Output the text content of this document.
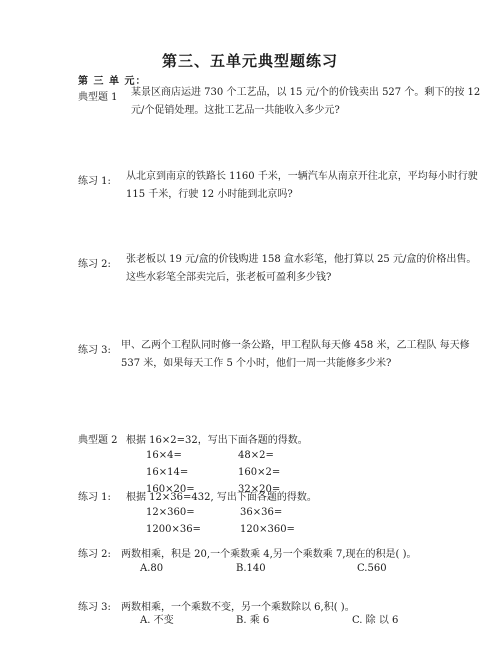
第三、五单元典型题练习
第 三 单 元：
典型题 1 某景区商店运进 730 个工艺品，以 15 元/个的价钱卖出 527 个。剩下的按 12
元/个促销处理。这批工艺品一共能收入多少元?
练习 1: 从北京到南京的铁路长 1160 千米，一辆汽车从南京开往北京，平均每小时行驶
115 千米，行驶 12 小时能到北京吗?
练习 2: 张老板以 19 元/盒的价钱购进 158 盒水彩笔，他打算以 25 元/盒的价格出售。
这些水彩笔全部卖完后，张老板可盈利多少钱?
练习 3: 甲、乙两个工程队同时修一条公路，甲工程队每天修 458 米，乙工程队 每天修
537 米，如果每天工作 5 个小时，他们一周一共能修多少米?
典型题 2 根据 16×2=32，写出下面各题的得数。
16×4=	48×2=
16×14=	160×2=
160×20=	32×20=
练习 1: 根据 12×36=432, 写出下面各题的得数。
12×360=	36×36=
1200×36=	120×360=
练习 2: 两数相乘，积是 20,一个乘数乘 4,另一个乘数乘 7,现在的积是( )。
A.80	B.140	C.560
练习 3: 两数相乘，一个乘数不变，另一个乘数除以 6,积( )。
A. 不变	B. 乘 6	C. 除 以 6
